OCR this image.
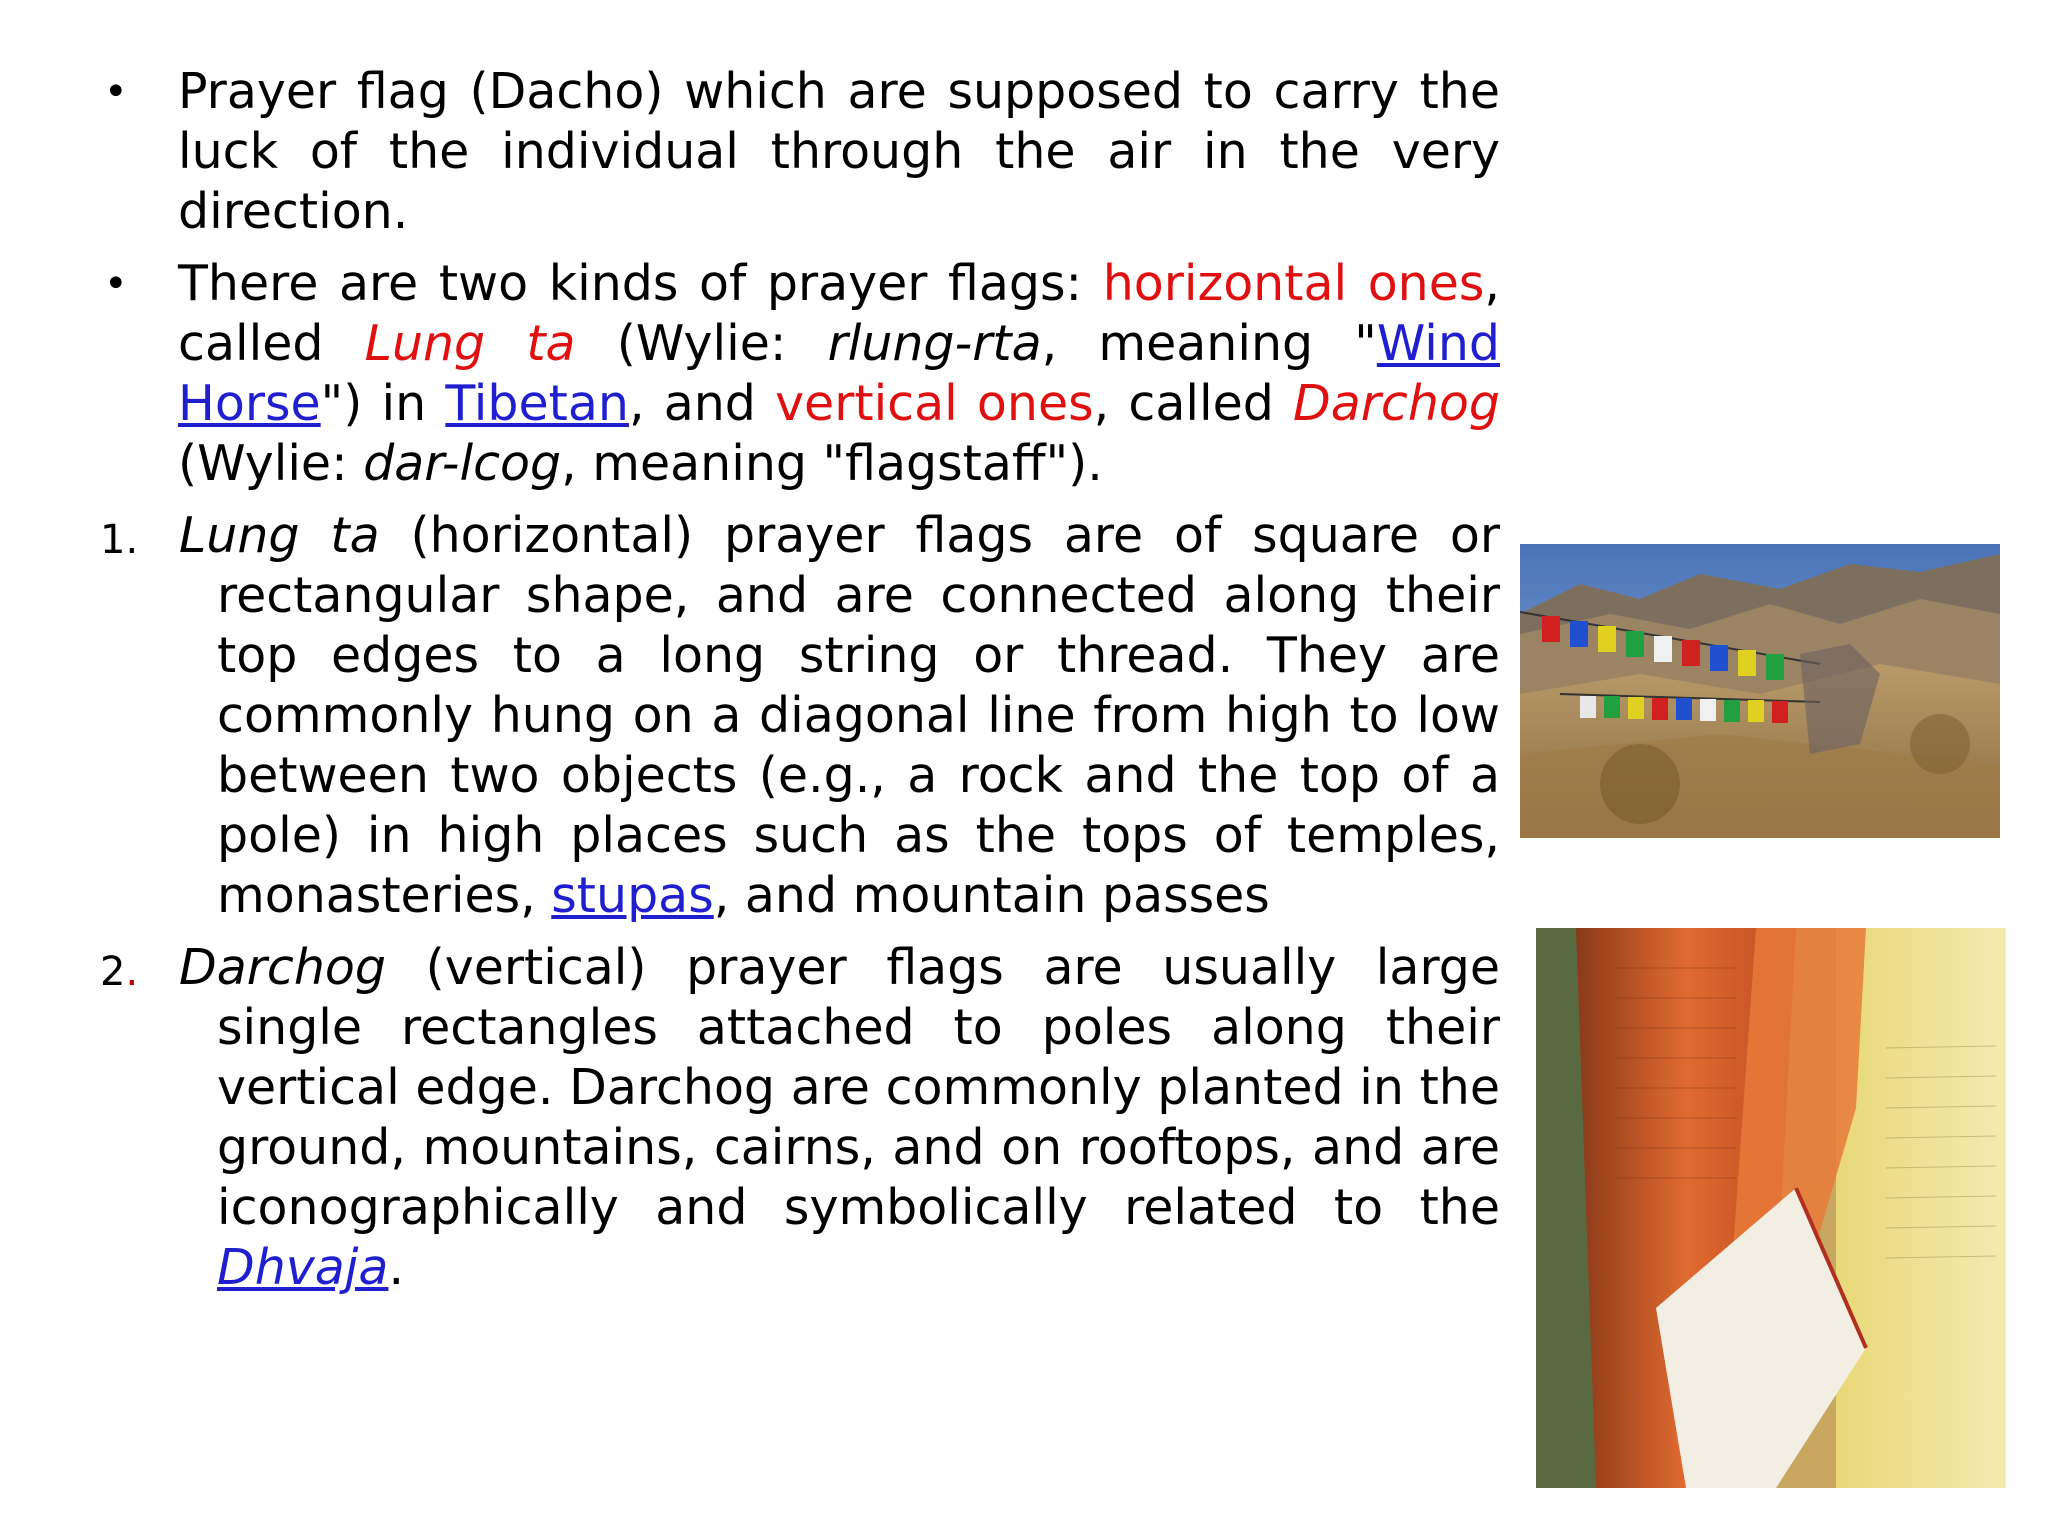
• Prayer flag (Dacho) which are supposed to carry the luck of the individual through the air in the very direction.
• There are two kinds of prayer flags: horizontal ones, called Lung ta (Wylie: rlung-rta, meaning "Wind Horse") in Tibetan, and vertical ones, called Darchog (Wylie: dar-lcog, meaning "flagstaff").
1. Lung ta (horizontal) prayer flags are of square or rectangular shape, and are connected along their top edges to a long string or thread. They are commonly hung on a diagonal line from high to low between two objects (e.g., a rock and the top of a pole) in high places such as the tops of temples, monasteries, stupas, and mountain passes
2. Darchog (vertical) prayer flags are usually large single rectangles attached to poles along their vertical edge. Darchog are commonly planted in the ground, mountains, cairns, and on rooftops, and are iconographically and symbolically related to the Dhvaja.
